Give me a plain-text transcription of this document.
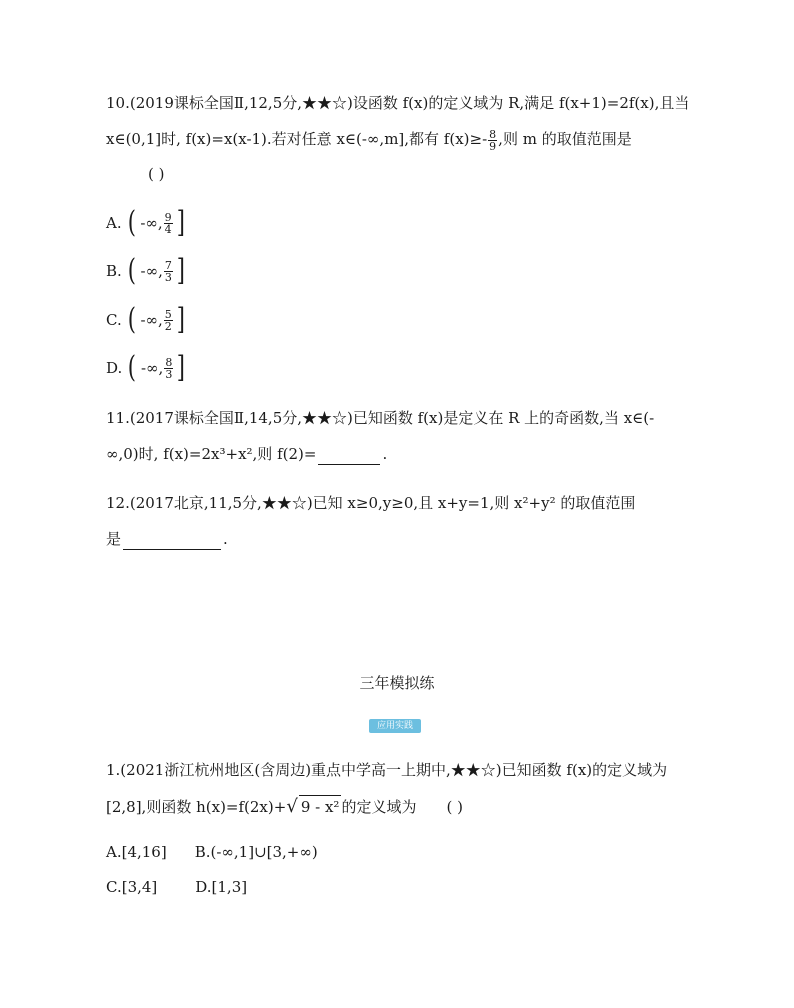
10.(2019课标全国Ⅱ,12,5分,★★☆)设函数 f(x)的定义域为 R,满足 f(x+1)=2f(x),且当
x∈(0,1]时, f(x)=x(x-1).若对任意 x∈(-∞,m],都有 $f(x)\ge- \frac{8}{9}$ ,则 m 的取值范围是
( )
A. ( -∞, $\frac{9}{4}$ ]
B. ( -∞, $\frac{7}{3}$ ]
C. ( -∞, $\frac{5}{2}$ ]
D. ( -∞, $\frac{8}{3}$ ]
11.(2017课标全国Ⅱ,14,5分,★★☆)已知函数 f(x)是定义在 R 上的奇函数,当 x∈(-
∞,0)时, f(x)=2x³+x²,则 f(2)=	.
12.(2017北京,11,5分,★★☆)已知 x≥0,y≥0,且 x+y=1,则 x²+y² 的取值范围
是	.
三年模拟练
应用实践
1.(2021浙江杭州地区(含周边)重点中学高一上期中,★★☆)已知函数 f(x)的定义域为
[2,8],则函数 h(x)=f(2x)+√ 9 - x² 的定义域为 ( )
A.[4,16] B.(-∞,1]∪[3,+∞)
C.[3,4]	D.[1,3]
